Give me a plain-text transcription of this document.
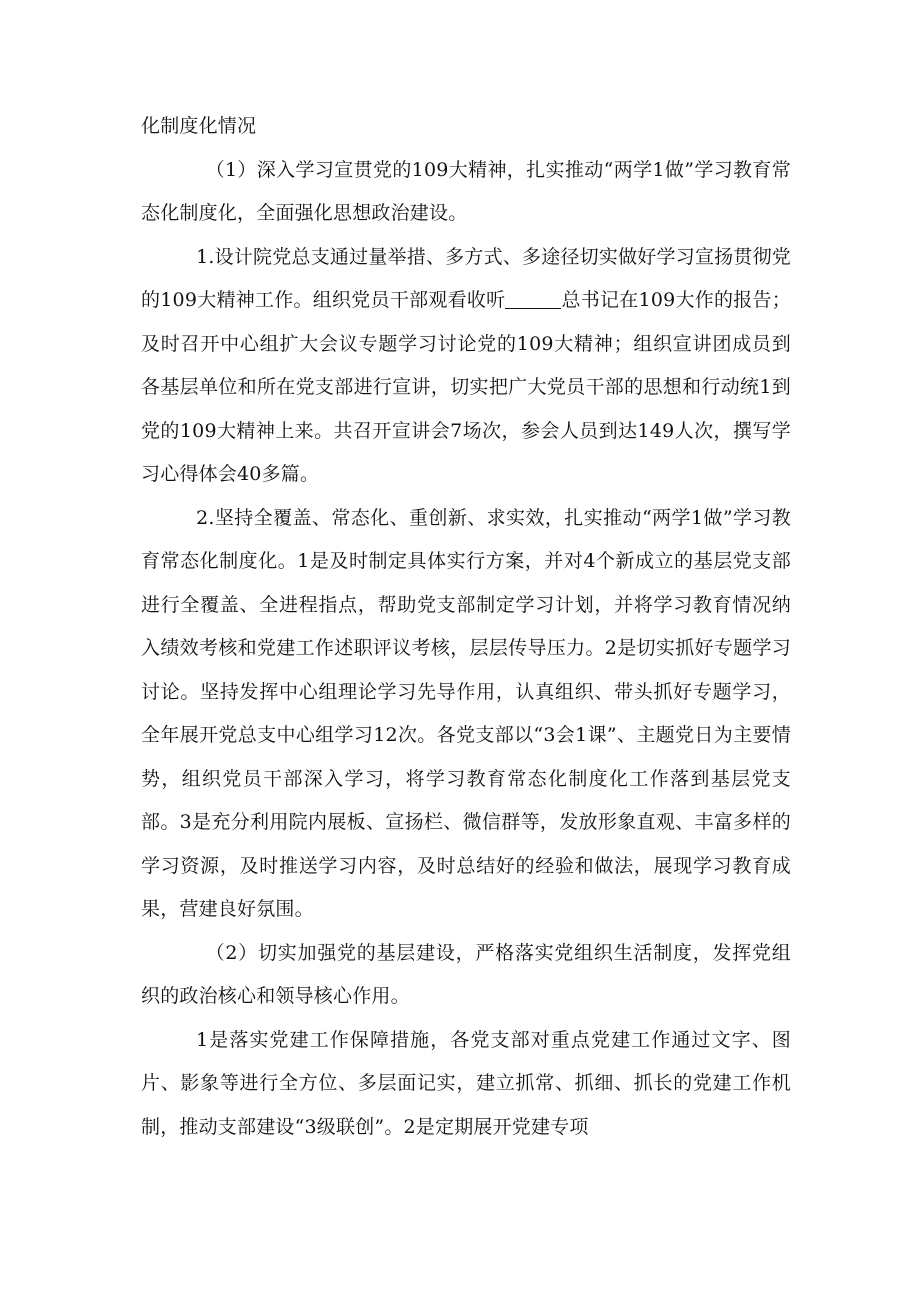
化制度化情况

（1）深入学习宣贯党的109大精神，扎实推动“两学1做”学习教育常态化制度化，全面强化思想政治建设。

1.设计院党总支通过量举措、多方式、多途径切实做好学习宣扬贯彻党的109大精神工作。组织党员干部观看收听	总书记在109大作的报告；及时召开中心组扩大会议专题学习讨论党的109大精神；组织宣讲团成员到各基层单位和所在党支部进行宣讲，切实把广大党员干部的思想和行动统1到党的109大精神上来。共召开宣讲会7场次，参会人员到达149人次，撰写学习心得体会40多篇。

2.坚持全覆盖、常态化、重创新、求实效，扎实推动“两学1做”学习教育常态化制度化。1是及时制定具体实行方案，并对4个新成立的基层党支部进行全覆盖、全进程指点，帮助党支部制定学习计划，并将学习教育情况纳入绩效考核和党建工作述职评议考核，层层传导压力。2是切实抓好专题学习讨论。坚持发挥中心组理论学习先导作用，认真组织、带头抓好专题学习，全年展开党总支中心组学习12次。各党支部以“3会1课”、主题党日为主要情势，组织党员干部深入学习，将学习教育常态化制度化工作落到基层党支部。3是充分利用院内展板、宣扬栏、微信群等，发放形象直观、丰富多样的学习资源，及时推送学习内容，及时总结好的经验和做法，展现学习教育成果，营建良好氛围。

（2）切实加强党的基层建设，严格落实党组织生活制度，发挥党组织的政治核心和领导核心作用。

1是落实党建工作保障措施，各党支部对重点党建工作通过文字、图片、影象等进行全方位、多层面记实，建立抓常、抓细、抓长的党建工作机制，推动支部建设“3级联创”。2是定期展开党建专项
